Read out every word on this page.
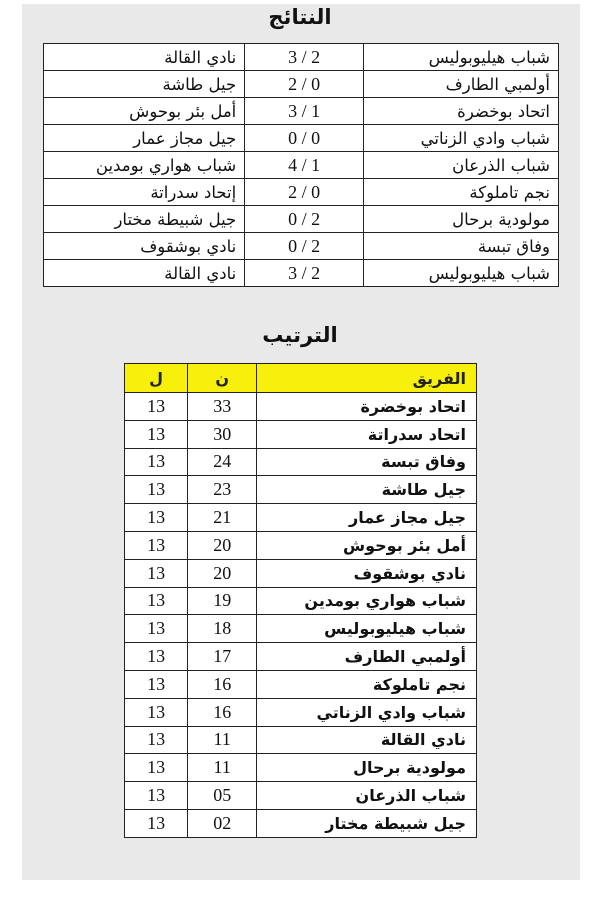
النتائج
نادي القالة	3 / 2	شباب هيليوبوليس
جيل طاشة	2 / 0	أولمبي الطارف
أمل بئر بوحوش	3 / 1	اتحاد بوخضرة
جيل مجاز عمار	0 / 0	شباب وادي الزناتي
شباب هواري بومدين	4 / 1	شباب الذرعان
إتحاد سدراتة	2 / 0	نجم تاملوكة
جيل شبيطة مختار	0 / 2	مولودية برحال
نادي بوشقوف	0 / 2	وفاق تبسة
نادي القالة	3 / 2	شباب هيليوبوليس
الترتيب
ل	ن	الفريق
13	33	اتحاد بوخضرة
13	30	اتحاد سدراتة
13	24	وفاق تبسة
13	23	جيل طاشة
13	21	جيل مجاز عمار
13	20	أمل بئر بوحوش
13	20	نادي بوشقوف
13	19	شباب هواري بومدين
13	18	شباب هيليوبوليس
13	17	أولمبي الطارف
13	16	نجم تاملوكة
13	16	شباب وادي الزناتي
13	11	نادي القالة
13	11	مولودية برحال
13	05	شباب الذرعان
13	02	جيل شبيطة مختار
